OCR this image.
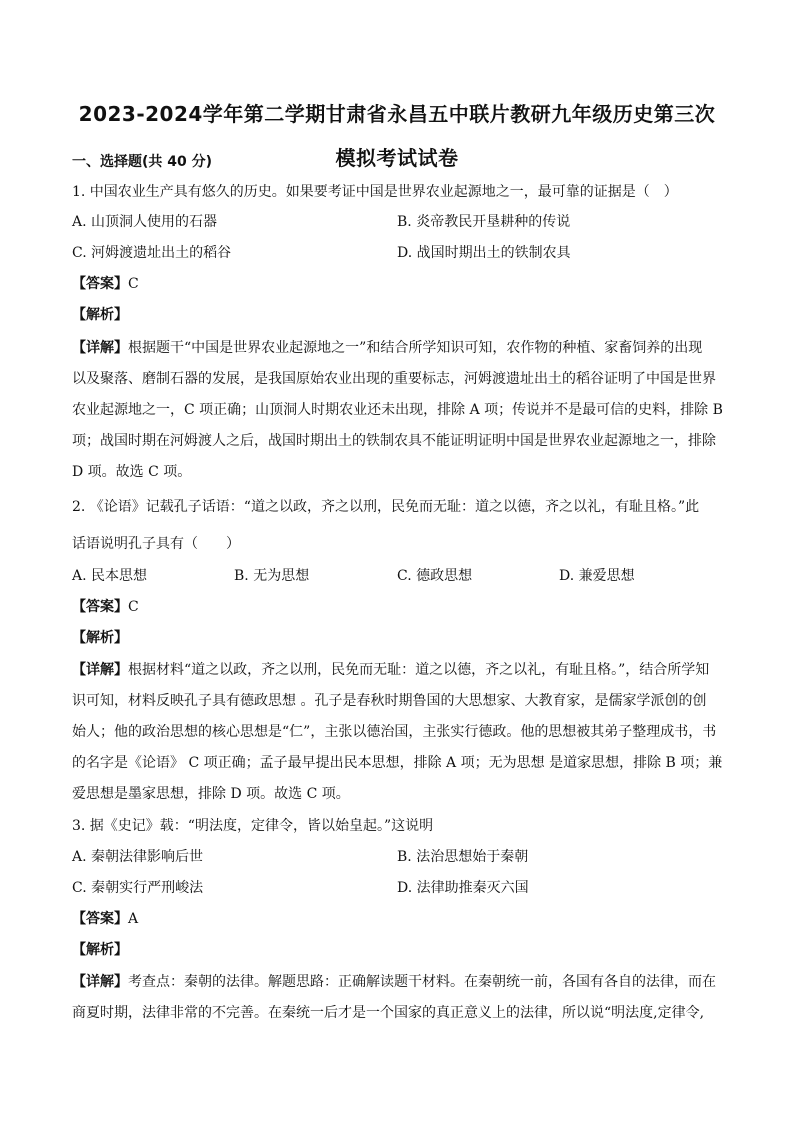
2023-2024学年第二学期甘肃省永昌五中联片教研九年级历史第三次
模拟考试试卷
一、选择题(共 40 分)
1. 中国农业生产具有悠久的历史。如果要考证中国是世界农业起源地之一，最可靠的证据是（　）
A. 山顶洞人使用的石器	B. 炎帝教民开垦耕种的传说
C. 河姆渡遗址出土的稻谷	D. 战国时期出土的铁制农具
【答案】C
【解析】
【详解】根据题干“中国是世界农业起源地之一”和结合所学知识可知，农作物的种植、家畜饲养的出现
以及聚落、磨制石器的发展，是我国原始农业出现的重要标志，河姆渡遗址出土的稻谷证明了中国是世界
农业起源地之一，C 项正确；山顶洞人时期农业还未出现，排除 A 项；传说并不是最可信的史料，排除 B
项；战国时期在河姆渡人之后，战国时期出土的铁制农具不能证明证明中国是世界农业起源地之一，排除
D 项。故选 C 项。
2. 《论语》记载孔子话语：“道之以政，齐之以刑，民免而无耻：道之以德，齐之以礼，有耻且格。”此
话语说明孔子具有（　　）
A. 民本思想	B. 无为思想	C. 德政思想	D. 兼爱思想
【答案】C
【解析】
【详解】根据材料“道之以政，齐之以刑，民免而无耻：道之以德，齐之以礼，有耻且格。”，结合所学知
识可知，材料反映孔子具有德政思想 。孔子是春秋时期鲁国的大思想家、大教育家，是儒家学派创的创
始人；他的政治思想的核心思想是“仁”，主张以德治国，主张实行德政。他的思想被其弟子整理成书，书
的名字是《论语》 C 项正确；孟子最早提出民本思想，排除 A 项；无为思想 是道家思想，排除 B 项；兼
爱思想是墨家思想，排除 D 项。故选 C 项。
3. 据《史记》载：“明法度，定律令，皆以始皇起。”这说明
A. 秦朝法律影响后世	B. 法治思想始于秦朝
C. 秦朝实行严刑峻法	D. 法律助推秦灭六国
【答案】A
【解析】
【详解】考查点：秦朝的法律。解题思路：正确解读题干材料。在秦朝统一前，各国有各自的法律，而在
商夏时期，法律非常的不完善。在秦统一后才是一个国家的真正意义上的法律，所以说“明法度,定律令,
